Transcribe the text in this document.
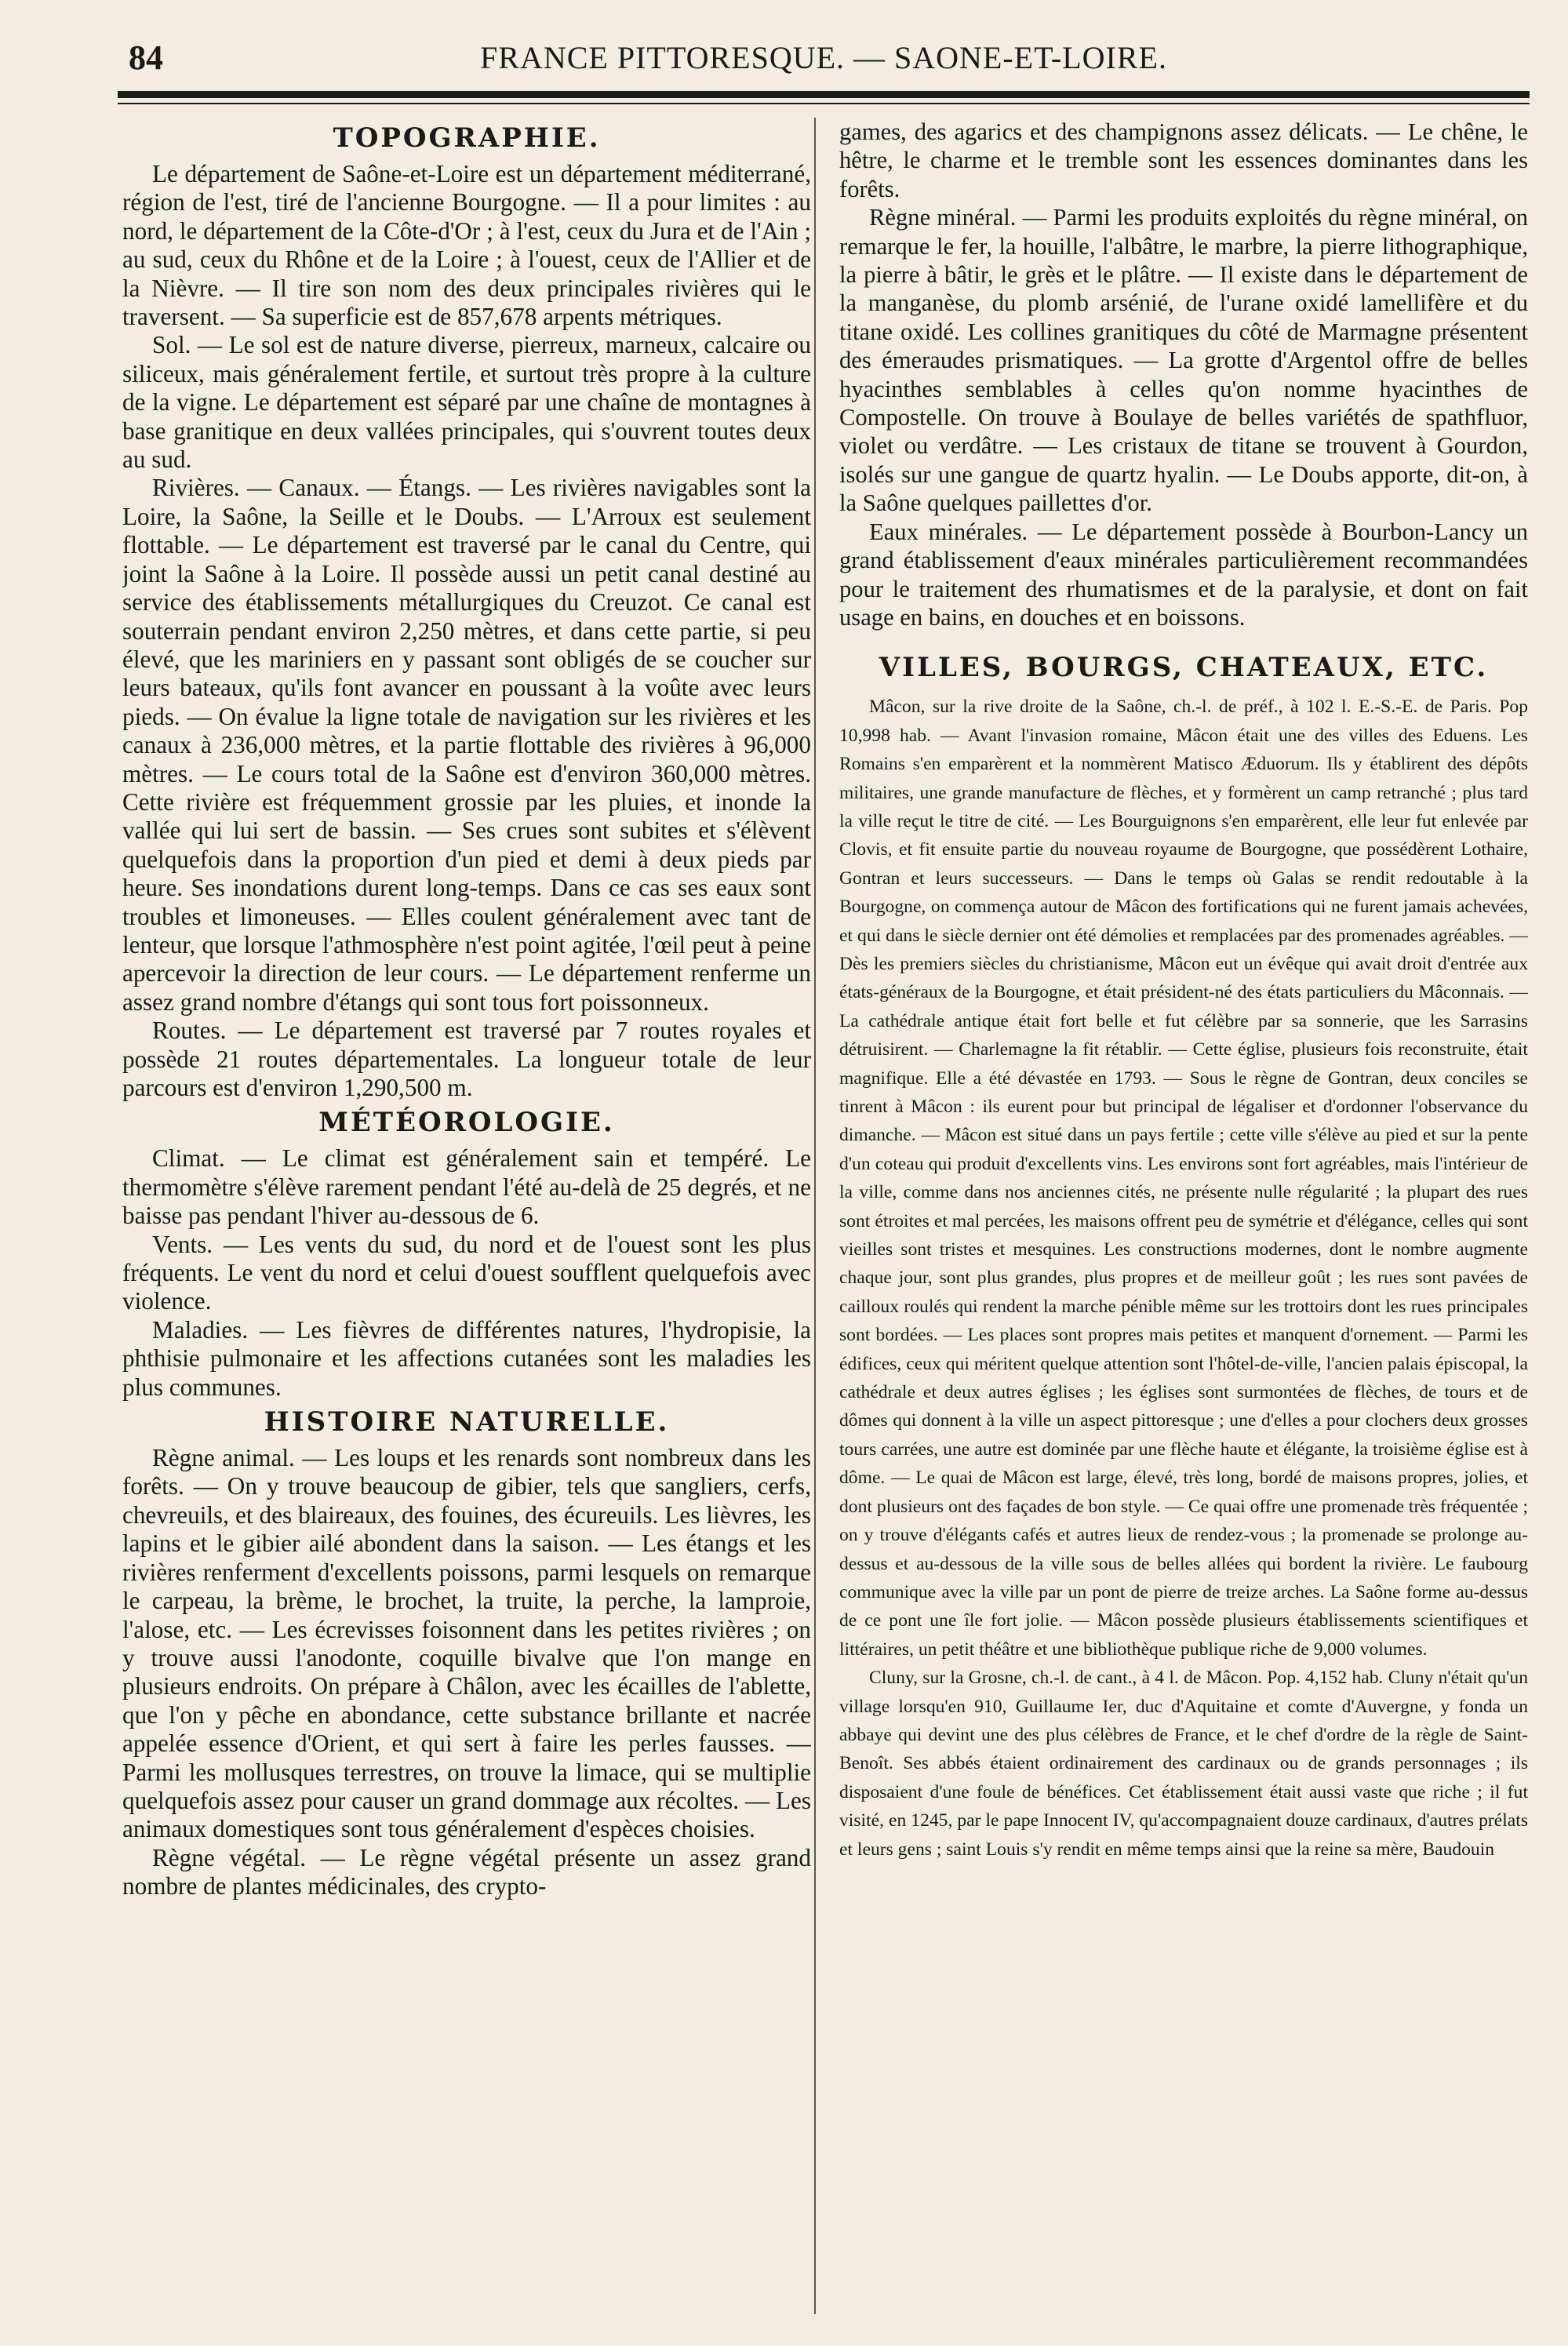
84	FRANCE PITTORESQUE. — SAONE-ET-LOIRE.
TOPOGRAPHIE.

Le département de Saône-et-Loire est un département méditerrané, région de l'est, tiré de l'ancienne Bourgogne. — Il a pour limites : au nord, le département de la Côte-d'Or ; à l'est, ceux du Jura et de l'Ain ; au sud, ceux du Rhône et de la Loire ; à l'ouest, ceux de l'Allier et de la Nièvre. — Il tire son nom des deux principales rivières qui le traversent. — Sa superficie est de 857,678 arpents métriques.

Sol. — Le sol est de nature diverse, pierreux, marneux, calcaire ou siliceux, mais généralement fertile, et surtout très propre à la culture de la vigne. Le département est séparé par une chaîne de montagnes à base granitique en deux vallées principales, qui s'ouvrent toutes deux au sud.

Rivières. — Canaux. — Étangs. — Les rivières navigables sont la Loire, la Saône, la Seille et le Doubs. — L'Arroux est seulement flottable. — Le département est traversé par le canal du Centre, qui joint la Saône à la Loire. Il possède aussi un petit canal destiné au service des établissements métallurgiques du Creuzot. Ce canal est souterrain pendant environ 2,250 mètres, et dans cette partie, si peu élevé, que les mariniers en y passant sont obligés de se coucher sur leurs bateaux, qu'ils font avancer en poussant à la voûte avec leurs pieds. — On évalue la ligne totale de navigation sur les rivières et les canaux à 236,000 mètres, et la partie flottable des rivières à 96,000 mètres. — Le cours total de la Saône est d'environ 360,000 mètres. Cette rivière est fréquemment grossie par les pluies, et inonde la vallée qui lui sert de bassin. — Ses crues sont subites et s'élèvent quelquefois dans la proportion d'un pied et demi à deux pieds par heure. Ses inondations durent long-temps. Dans ce cas ses eaux sont troubles et limoneuses. — Elles coulent généralement avec tant de lenteur, que lorsque l'athmosphère n'est point agitée, l'œil peut à peine apercevoir la direction de leur cours. — Le département renferme un assez grand nombre d'étangs qui sont tous fort poissonneux.

Routes. — Le département est traversé par 7 routes royales et possède 21 routes départementales. La longueur totale de leur parcours est d'environ 1,290,500 m.

MÉTÉOROLOGIE.

Climat. — Le climat est généralement sain et tempéré. Le thermomètre s'élève rarement pendant l'été au-delà de 25 degrés, et ne baisse pas pendant l'hiver au-dessous de 6.

Vents. — Les vents du sud, du nord et de l'ouest sont les plus fréquents. Le vent du nord et celui d'ouest soufflent quelquefois avec violence.

Maladies. — Les fièvres de différentes natures, l'hydropisie, la phthisie pulmonaire et les affections cutanées sont les maladies les plus communes.

HISTOIRE NATURELLE.

Règne animal. — Les loups et les renards sont nombreux dans les forêts. — On y trouve beaucoup de gibier, tels que sangliers, cerfs, chevreuils, et des blaireaux, des fouines, des écureuils. Les lièvres, les lapins et le gibier ailé abondent dans la saison. — Les étangs et les rivières renferment d'excellents poissons, parmi lesquels on remarque le carpeau, la brème, le brochet, la truite, la perche, la lamproie, l'alose, etc. — Les écrevisses foisonnent dans les petites rivières ; on y trouve aussi l'anodonte, coquille bivalve que l'on mange en plusieurs endroits. On prépare à Châlon, avec les écailles de l'ablette, que l'on y pêche en abondance, cette substance brillante et nacrée appelée essence d'Orient, et qui sert à faire les perles fausses. — Parmi les mollusques terrestres, on trouve la limace, qui se multiplie quelquefois assez pour causer un grand dommage aux récoltes. — Les animaux domestiques sont tous généralement d'espèces choisies.

Règne végétal. — Le règne végétal présente un assez grand nombre de plantes médicinales, des crypto-

games, des agarics et des champignons assez délicats. — Le chêne, le hêtre, le charme et le tremble sont les essences dominantes dans les forêts.

Règne minéral. — Parmi les produits exploités du règne minéral, on remarque le fer, la houille, l'albâtre, le marbre, la pierre lithographique, la pierre à bâtir, le grès et le plâtre. — Il existe dans le département de la manganèse, du plomb arsénié, de l'urane oxidé lamellifère et du titane oxidé. Les collines granitiques du côté de Marmagne présentent des émeraudes prismatiques. — La grotte d'Argentol offre de belles hyacinthes semblables à celles qu'on nomme hyacinthes de Compostelle. On trouve à Boulaye de belles variétés de spathfluor, violet ou verdâtre. — Les cristaux de titane se trouvent à Gourdon, isolés sur une gangue de quartz hyalin. — Le Doubs apporte, dit-on, à la Saône quelques paillettes d'or.

Eaux minérales. — Le département possède à Bourbon-Lancy un grand établissement d'eaux minérales particulièrement recommandées pour le traitement des rhumatismes et de la paralysie, et dont on fait usage en bains, en douches et en boissons.

VILLES, BOURGS, CHATEAUX, ETC.

Mâcon, sur la rive droite de la Saône, ch.-l. de préf., à 102 l. E.-S.-E. de Paris. Pop 10,998 hab. — Avant l'invasion romaine, Mâcon était une des villes des Eduens. Les Romains s'en emparèrent et la nommèrent Matisco Æduorum. Ils y établirent des dépôts militaires, une grande manufacture de flèches, et y formèrent un camp retranché ; plus tard la ville reçut le titre de cité. — Les Bourguignons s'en emparèrent, elle leur fut enlevée par Clovis, et fit ensuite partie du nouveau royaume de Bourgogne, que possédèrent Lothaire, Gontran et leurs successeurs. — Dans le temps où Galas se rendit redoutable à la Bourgogne, on commença autour de Mâcon des fortifications qui ne furent jamais achevées, et qui dans le siècle dernier ont été démolies et remplacées par des promenades agréables. — Dès les premiers siècles du christianisme, Mâcon eut un évêque qui avait droit d'entrée aux états-généraux de la Bourgogne, et était président-né des états particuliers du Mâconnais. — La cathédrale antique était fort belle et fut célèbre par sa sonnerie, que les Sarrasins détruisirent. — Charlemagne la fit rétablir. — Cette église, plusieurs fois reconstruite, était magnifique. Elle a été dévastée en 1793. — Sous le règne de Gontran, deux conciles se tinrent à Mâcon : ils eurent pour but principal de légaliser et d'ordonner l'observance du dimanche. — Mâcon est situé dans un pays fertile ; cette ville s'élève au pied et sur la pente d'un coteau qui produit d'excellents vins. Les environs sont fort agréables, mais l'intérieur de la ville, comme dans nos anciennes cités, ne présente nulle régularité ; la plupart des rues sont étroites et mal percées, les maisons offrent peu de symétrie et d'élégance, celles qui sont vieilles sont tristes et mesquines. Les constructions modernes, dont le nombre augmente chaque jour, sont plus grandes, plus propres et de meilleur goût ; les rues sont pavées de cailloux roulés qui rendent la marche pénible même sur les trottoirs dont les rues principales sont bordées. — Les places sont propres mais petites et manquent d'ornement. — Parmi les édifices, ceux qui méritent quelque attention sont l'hôtel-de-ville, l'ancien palais épiscopal, la cathédrale et deux autres églises ; les églises sont surmontées de flèches, de tours et de dômes qui donnent à la ville un aspect pittoresque ; une d'elles a pour clochers deux grosses tours carrées, une autre est dominée par une flèche haute et élégante, la troisième église est à dôme. — Le quai de Mâcon est large, élevé, très long, bordé de maisons propres, jolies, et dont plusieurs ont des façades de bon style. — Ce quai offre une promenade très fréquentée ; on y trouve d'élégants cafés et autres lieux de rendez-vous ; la promenade se prolonge au-dessus et au-dessous de la ville sous de belles allées qui bordent la rivière. Le faubourg communique avec la ville par un pont de pierre de treize arches. La Saône forme au-dessus de ce pont une île fort jolie. — Mâcon possède plusieurs établissements scientifiques et littéraires, un petit théâtre et une bibliothèque publique riche de 9,000 volumes.

Cluny, sur la Grosne, ch.-l. de cant., à 4 l. de Mâcon. Pop. 4,152 hab. Cluny n'était qu'un village lorsqu'en 910, Guillaume Ier, duc d'Aquitaine et comte d'Auvergne, y fonda un abbaye qui devint une des plus célèbres de France, et le chef d'ordre de la règle de Saint-Benoît. Ses abbés étaient ordinairement des cardinaux ou de grands personnages ; ils disposaient d'une foule de bénéfices. Cet établissement était aussi vaste que riche ; il fut visité, en 1245, par le pape Innocent IV, qu'accompagnaient douze cardinaux, d'autres prélats et leurs gens ; saint Louis s'y rendit en même temps ainsi que la reine sa mère, Baudouin
